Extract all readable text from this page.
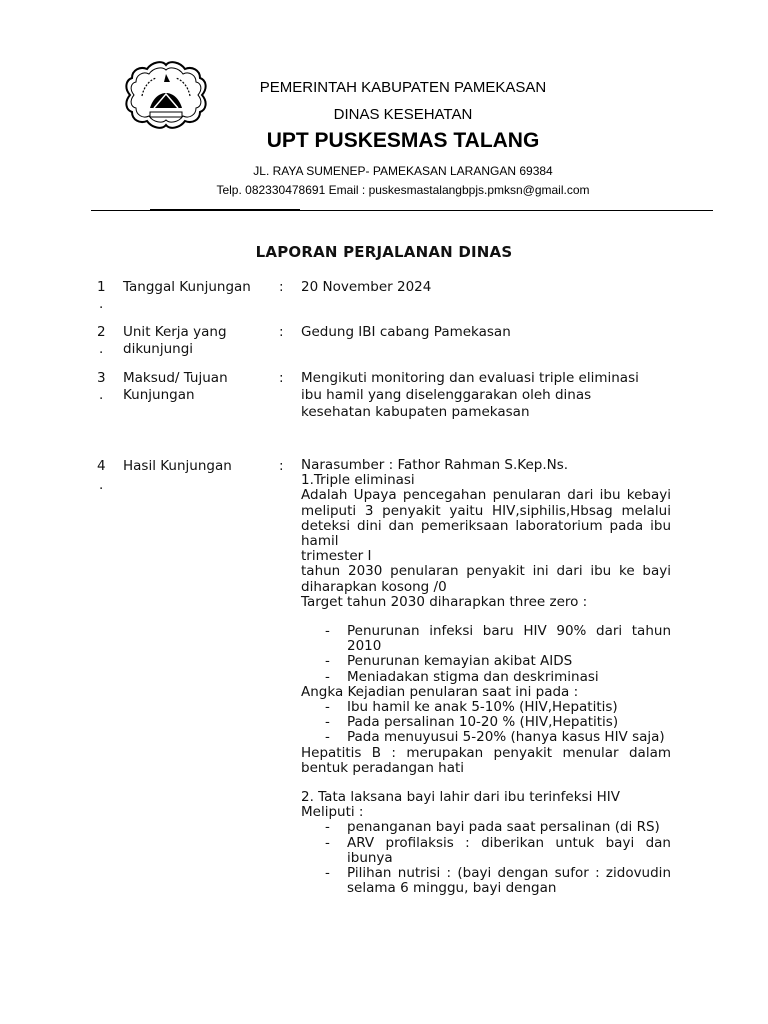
PEMERINTAH KABUPATEN PAMEKASAN
DINAS KESEHATAN
UPT PUSKESMAS TALANG
JL. RAYA SUMENEP- PAMEKASAN LARANGAN 69384
Telp. 082330478691 Email : puskesmastalangbpjs.pmksn@gmail.com
LAPORAN PERJALANAN DINAS
1
.
Tanggal Kunjungan	: 20 November 2024
2
.
Unit Kerja yang dikunjungi
: Gedung IBI cabang Pamekasan
3
.
Maksud/ Tujuan Kunjungan
: Mengikuti monitoring dan evaluasi triple eliminasi ibu hamil yang diselenggarakan oleh dinas kesehatan kabupaten pamekasan
4
.
Hasil Kunjungan	: Narasumber : Fathor Rahman S.Kep.Ns.

1.Triple eliminasi

Adalah Upaya pencegahan penularan dari ibu kebayi meliputi 3 penyakit yaitu HIV,siphilis,Hbsag melalui deteksi dini dan pemeriksaan laboratorium pada ibu hamil

trimester I

tahun 2030 penularan penyakit ini dari ibu ke bayi diharapkan kosong /0

Target tahun 2030 diharapkan three zero :

- Penurunan infeksi baru HIV 90% dari tahun 2010
- Penurunan kemayian akibat AIDS
- Meniadakan stigma dan deskriminasi

Angka Kejadian penularan saat ini pada :

- Ibu hamil ke anak 5-10% (HIV,Hepatitis)
- Pada persalinan 10-20 % (HIV,Hepatitis)
- Pada menuyusui 5-20% (hanya kasus HIV saja)

Hepatitis B : merupakan penyakit menular dalam bentuk peradangan hati

2. Tata laksana bayi lahir dari ibu terinfeksi HIV

Meliputi :

- penanganan bayi pada saat persalinan (di RS)
- ARV profilaksis : diberikan untuk bayi dan ibunya
- Pilihan nutrisi : (bayi dengan sufor : zidovudin selama 6 minggu, bayi dengan
